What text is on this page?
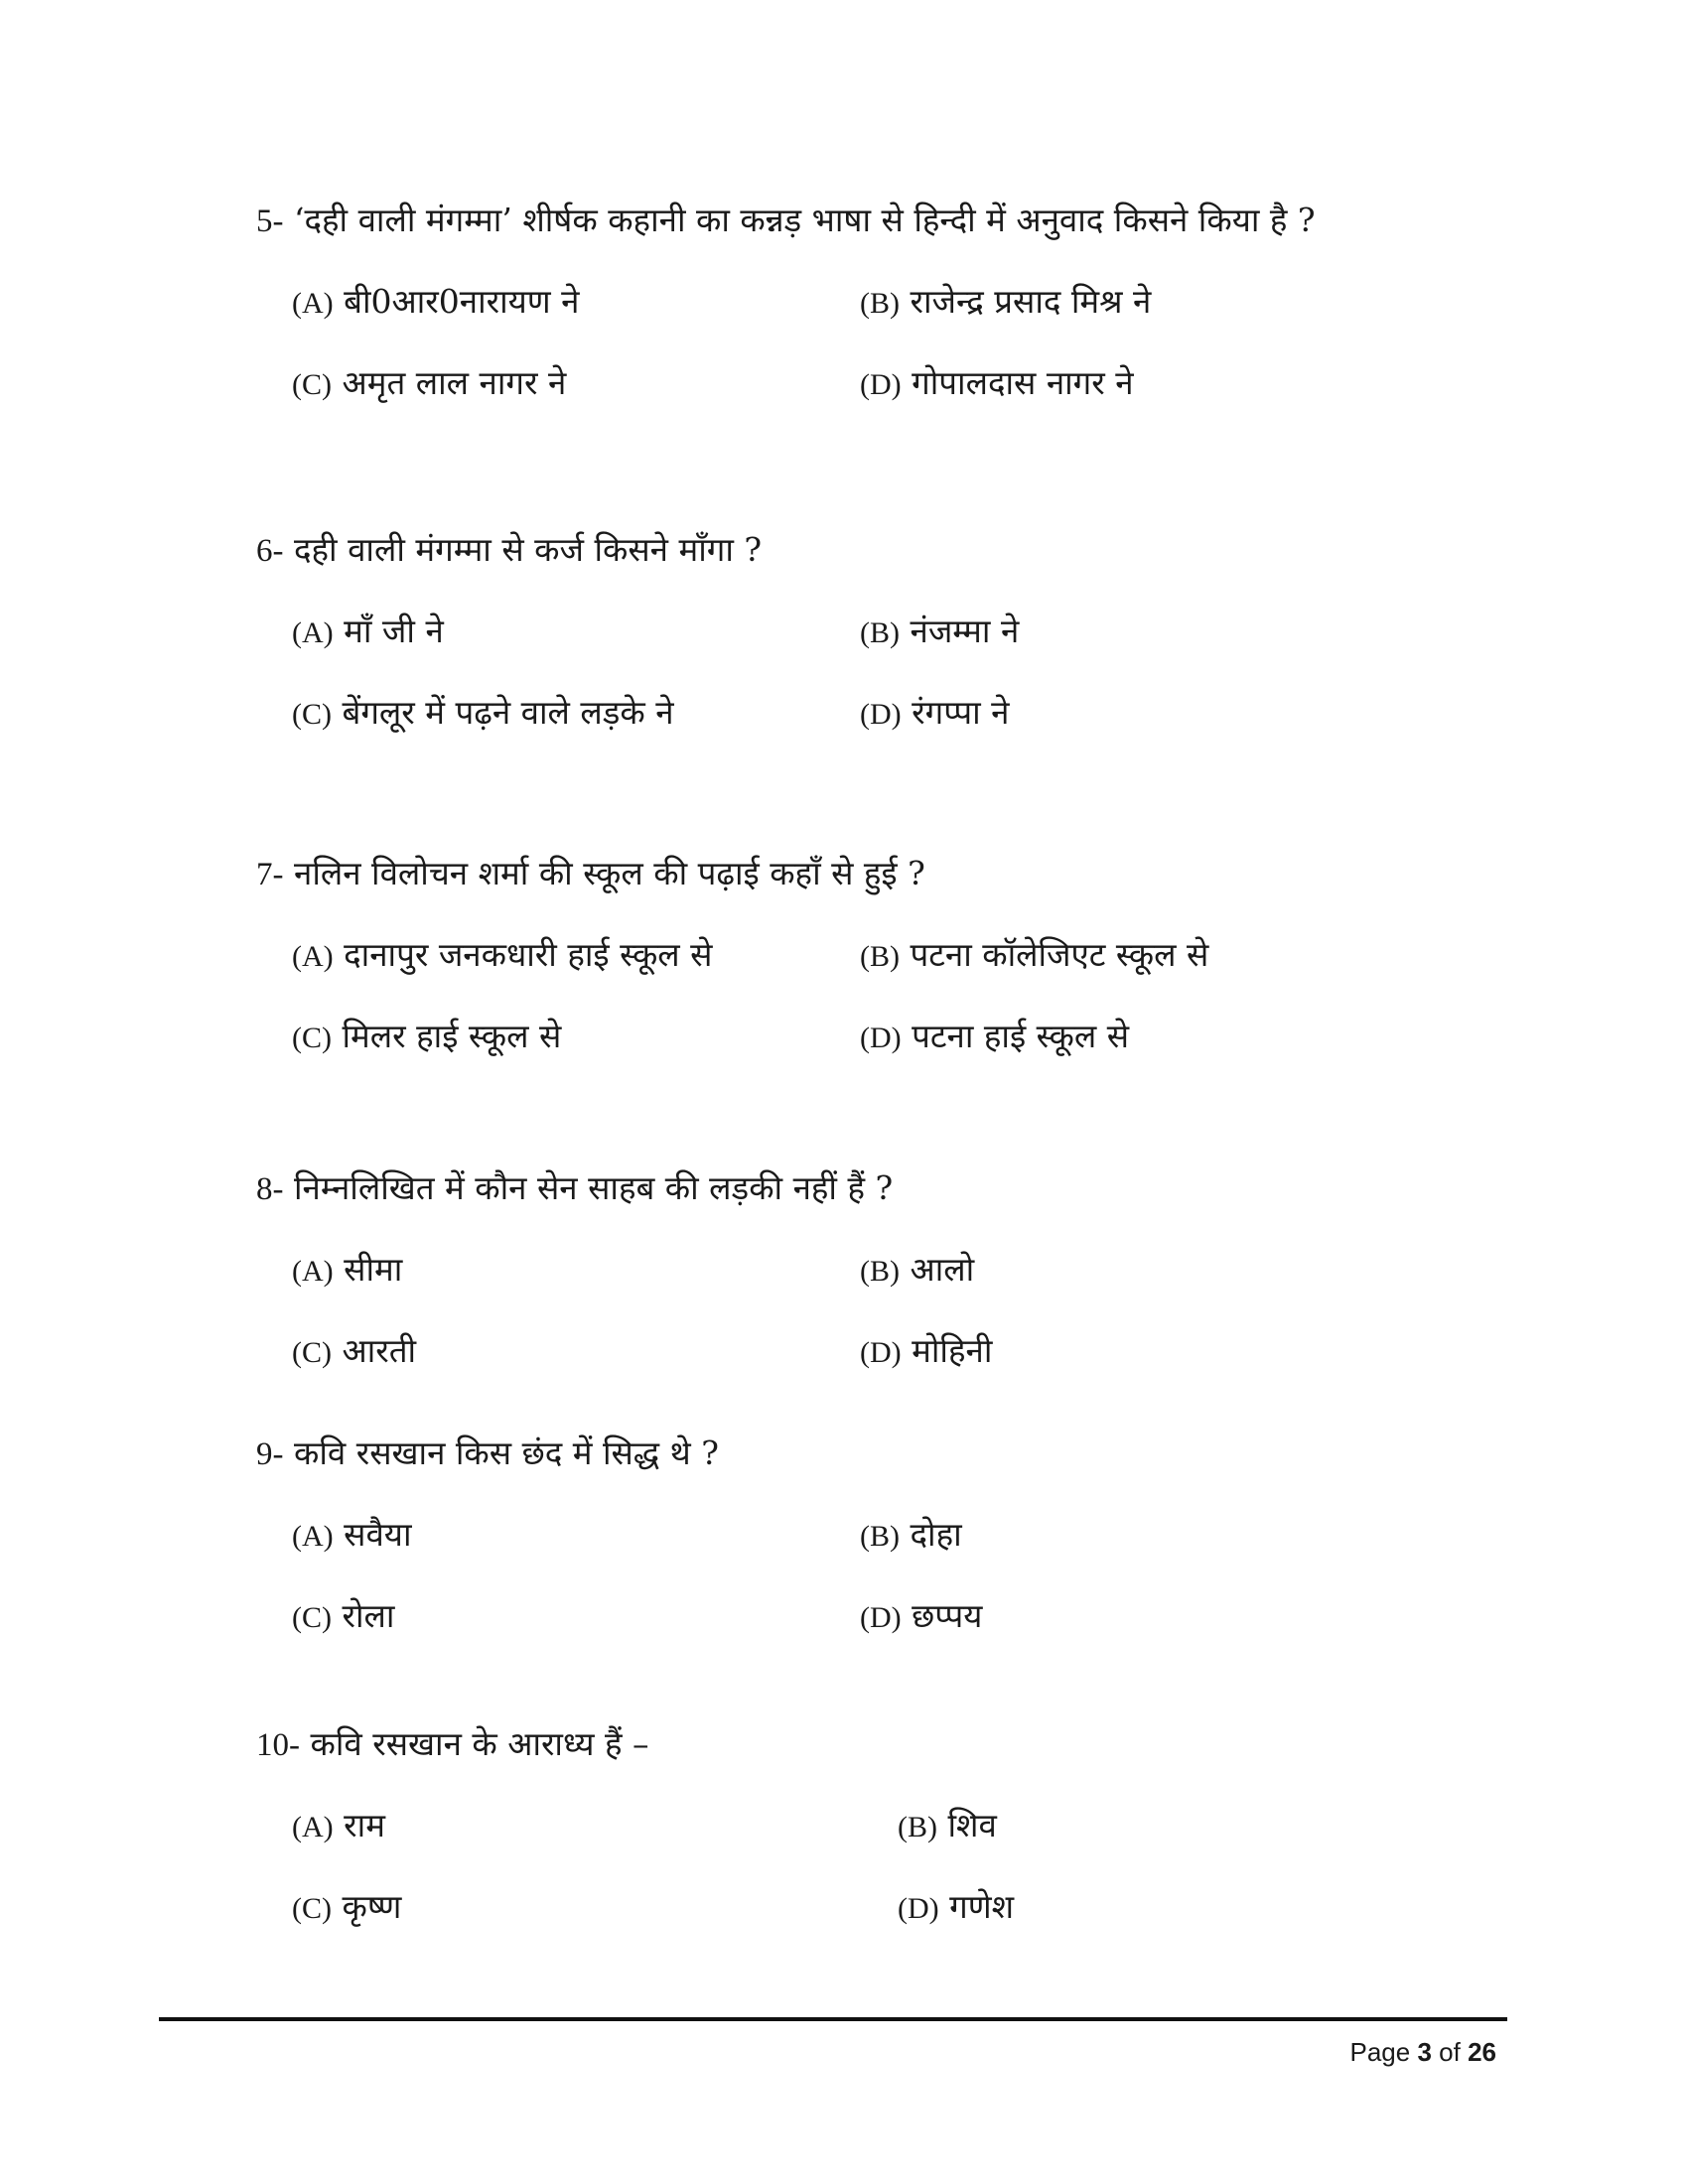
5- ‘दही वाली मंगम्मा’ शीर्षक कहानी का कन्नड़ भाषा से हिन्दी में अनुवाद किसने किया है ?
(A) बी0आर0नारायण ने	(B) राजेन्द्र प्रसाद मिश्र ने
(C) अमृत लाल नागर ने	(D) गोपालदास नागर ने
6- दही वाली मंगम्मा से कर्ज किसने माँगा ?
(A) माँ जी ने	(B) नंजम्मा ने
(C) बेंगलूर में पढ़ने वाले लड़के ने	(D) रंगप्पा ने
7- नलिन विलोचन शर्मा की स्कूल की पढ़ाई कहाँ से हुई ?
(A) दानापुर जनकधारी हाई स्कूल से	(B) पटना कॉलेजिएट स्कूल से
(C) मिलर हाई स्कूल से	(D) पटना हाई स्कूल से
8- निम्नलिखित में कौन सेन साहब की लड़की नहीं हैं ?
(A) सीमा	(B) आलो
(C) आरती	(D) मोहिनी
9- कवि रसखान किस छंद में सिद्ध थे ?
(A) सवैया	(B) दोहा
(C) रोला	(D) छप्पय
10- कवि रसखान के आराध्य हैं –
(A) राम	(B) शिव
(C) कृष्ण	(D) गणेश
Page 3 of 26
